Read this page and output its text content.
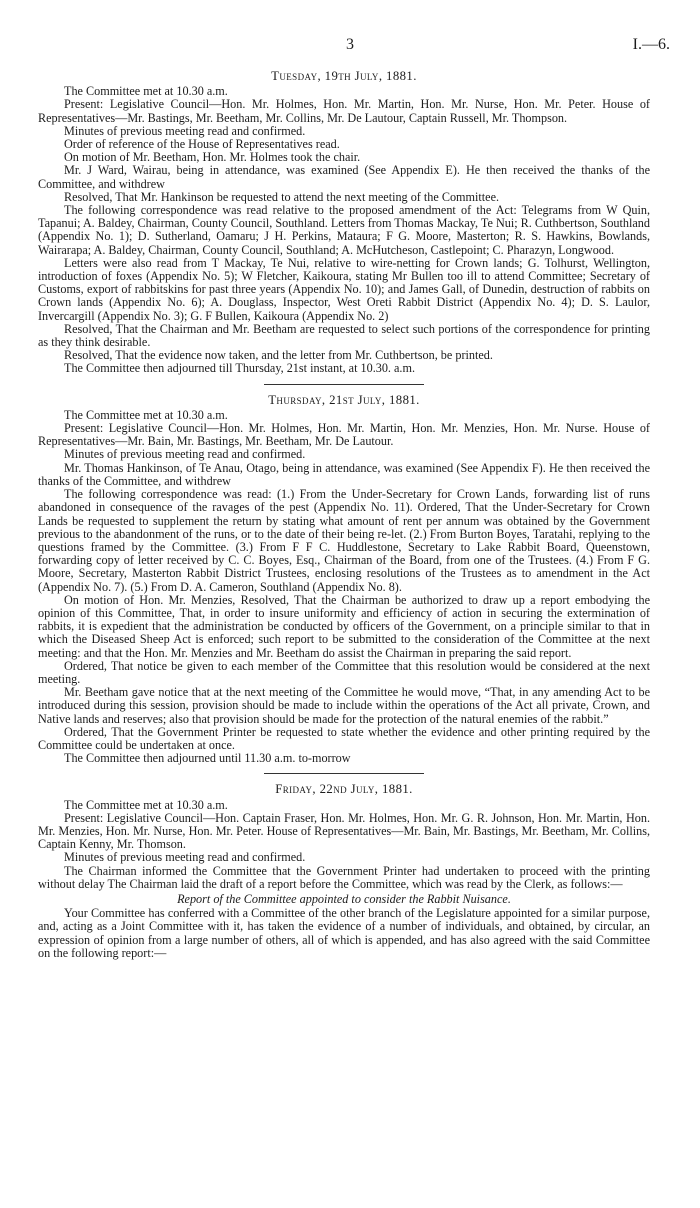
3	I.—6.
Tuesday, 19th July, 1881.

The Committee met at 10.30 a.m.

Present: Legislative Council—Hon. Mr. Holmes, Hon. Mr. Martin, Hon. Mr. Nurse, Hon. Mr. Peter. House of Representatives—Mr. Bastings, Mr. Beetham, Mr. Collins, Mr. De Lautour, Captain Russell, Mr. Thompson.

Minutes of previous meeting read and confirmed.

Order of reference of the House of Representatives read.

On motion of Mr. Beetham, Hon. Mr. Holmes took the chair.

Mr. J Ward, Wairau, being in attendance, was examined (See Appendix E). He then received the thanks of the Committee, and withdrew

Resolved, That Mr. Hankinson be requested to attend the next meeting of the Committee.

The following correspondence was read relative to the proposed amendment of the Act: Telegrams from W Quin, Tapanui; A. Baldey, Chairman, County Council, Southland. Letters from Thomas Mackay, Te Nui; R. Cuthbertson, Southland (Appendix No. 1); D. Sutherland, Oamaru; J H. Perkins, Mataura; F G. Moore, Masterton; R. S. Hawkins, Bowlands, Wairarapa; A. Baldey, Chairman, County Council, Southland; A. McHutcheson, Castlepoint; C. Pharazyn, Longwood.

Letters were also read from T Mackay, Te Nui, relative to wire-netting for Crown lands; G. Tolhurst, Wellington, introduction of foxes (Appendix No. 5); W Fletcher, Kaikoura, stating Mr Bullen too ill to attend Committee; Secretary of Customs, export of rabbitskins for past three years (Appendix No. 10); and James Gall, of Dunedin, destruction of rabbits on Crown lands (Appendix No. 6); A. Douglass, Inspector, West Oreti Rabbit District (Appendix No. 4); D. S. Laulor, Invercargill (Appendix No. 3); G. F Bullen, Kaikoura (Appendix No. 2)

Resolved, That the Chairman and Mr. Beetham are requested to select such portions of the correspondence for printing as they think desirable.

Resolved, That the evidence now taken, and the letter from Mr. Cuthbertson, be printed.

The Committee then adjourned till Thursday, 21st instant, at 10.30. a.m.

Thursday, 21st July, 1881.

The Committee met at 10.30 a.m.

Present: Legislative Council—Hon. Mr. Holmes, Hon. Mr. Martin, Hon. Mr. Menzies, Hon. Mr. Nurse. House of Representatives—Mr. Bain, Mr. Bastings, Mr. Beetham, Mr. De Lautour.

Minutes of previous meeting read and confirmed.

Mr. Thomas Hankinson, of Te Anau, Otago, being in attendance, was examined (See Appendix F). He then received the thanks of the Committee, and withdrew

The following correspondence was read: (1.) From the Under-Secretary for Crown Lands, forwarding list of runs abandoned in consequence of the ravages of the pest (Appendix No. 11). Ordered, That the Under-Secretary for Crown Lands be requested to supplement the return by stating what amount of rent per annum was obtained by the Government previous to the abandonment of the runs, or to the date of their being re-let. (2.) From Burton Boyes, Taratahi, replying to the questions framed by the Committee. (3.) From F F C. Huddlestone, Secretary to Lake Rabbit Board, Queenstown, forwarding copy of letter received by C. C. Boyes, Esq., Chairman of the Board, from one of the Trustees. (4.) From F G. Moore, Secretary, Masterton Rabbit District Trustees, enclosing resolutions of the Trustees as to amendment in the Act (Appendix No. 7). (5.) From D. A. Cameron, Southland (Appendix No. 8).

On motion of Hon. Mr. Menzies, Resolved, That the Chairman be authorized to draw up a report embodying the opinion of this Committee, That, in order to insure uniformity and efficiency of action in securing the extermination of rabbits, it is expedient that the administration be conducted by officers of the Government, on a principle similar to that in which the Diseased Sheep Act is enforced; such report to be submitted to the consideration of the Committee at the next meeting: and that the Hon. Mr. Menzies and Mr. Beetham do assist the Chairman in preparing the said report.

Ordered, That notice be given to each member of the Committee that this resolution would be considered at the next meeting.

Mr. Beetham gave notice that at the next meeting of the Committee he would move, “That, in any amending Act to be introduced during this session, provision should be made to include within the operations of the Act all private, Crown, and Native lands and reserves; also that provision should be made for the protection of the natural enemies of the rabbit.”

Ordered, That the Government Printer be requested to state whether the evidence and other printing required by the Committee could be undertaken at once.

The Committee then adjourned until 11.30 a.m. to-morrow

Friday, 22nd July, 1881.

The Committee met at 10.30 a.m.

Present: Legislative Council—Hon. Captain Fraser, Hon. Mr. Holmes, Hon. Mr. G. R. Johnson, Hon. Mr. Martin, Hon. Mr. Menzies, Hon. Mr. Nurse, Hon. Mr. Peter. House of Representatives—Mr. Bain, Mr. Bastings, Mr. Beetham, Mr. Collins, Captain Kenny, Mr. Thomson.

Minutes of previous meeting read and confirmed.

The Chairman informed the Committee that the Government Printer had undertaken to proceed with the printing without delay The Chairman laid the draft of a report before the Committee, which was read by the Clerk, as follows:—

Report of the Committee appointed to consider the Rabbit Nuisance.

Your Committee has conferred with a Committee of the other branch of the Legislature appointed for a similar purpose, and, acting as a Joint Committee with it, has taken the evidence of a number of individuals, and obtained, by circular, an expression of opinion from a large number of others, all of which is appended, and has also agreed with the said Committee on the following report:—
